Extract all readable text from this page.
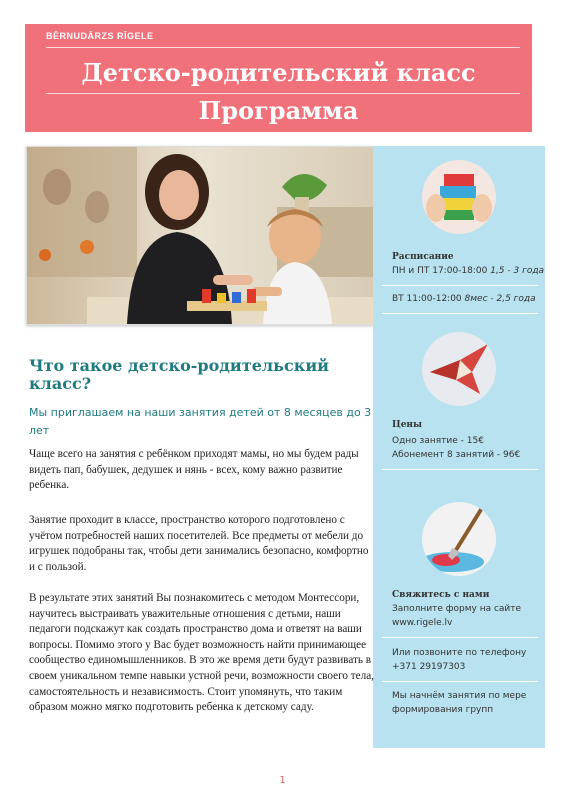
BĒRNUDĀRZS RĪGELE
Детско-родительский класс
Программа
Расписание
ПН и ПТ 17:00-18:00 1,5 - 3 года
ВТ 11:00-12:00 8мес - 2,5 года
Цены
Одно занятие - 15€
Абонемент 8 занятий - 96€
Свяжитесь с нами
Заполните форму на сайте
www.rigele.lv
Или позвоните по телефону
+371 29197303
Мы начнём занятия по мере
формирования групп
Что такое детско-родительский класс?
Мы приглашаем на наши занятия детей от 8 месяцев до 3 лет
Чаще всего на занятия с ребёнком приходят мамы, но мы будем рады видеть пап, бабушек, дедушек и нянь - всех, кому важно развитие ребенка.
Занятие проходит в классе, пространство которого подготовлено с учётом потребностей наших посетителей. Все предметы от мебели до игрушек подобраны так, чтобы дети занимались безопасно, комфортно и с пользой.
В результате этих занятий Вы познакомитесь с методом Монтессори, научитесь выстраивать уважительные отношения с детьми, наши педагоги подскажут как создать пространство дома и ответят на ваши вопросы. Помимо этого у Вас будет возможность найти принимающее сообщество единомышленников. В это же время дети будут развивать в своем уникальном темпе навыки устной речи, возможности своего тела, самостоятельность и независимость. Стоит упомянуть, что таким образом можно мягко подготовить ребенка к детскому саду.
1
